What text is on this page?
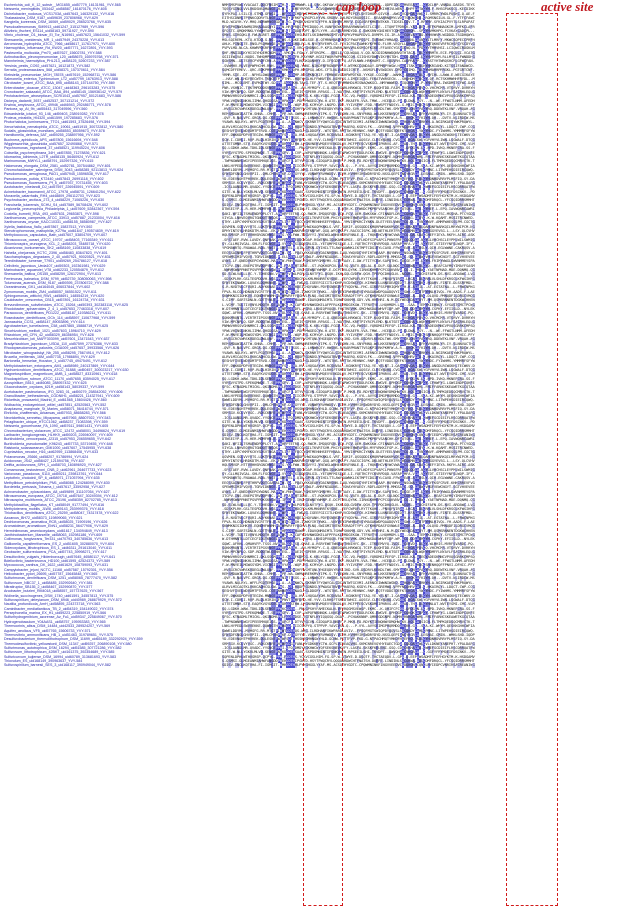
Escherichia_coli_K_12_substr__MG1655_uid57779_16131961_YVY-565
Neisseria_meningitidis_053442_uid58587_161870176_YVY-605
Dichelobacter_nodosus_VCS1703A_uid57643_146329132_YVY-616
Thalassiosira_DSM_9187_uid59639_237806968_YVY-629
Kangiella_koreensis_DSM_16069_uid59029_256523766_YVY-635
Pseudoalteromonas_SM9913_uid61247_315127989_YVY-596
Aliivibrio_fischeri_ES114_uid58163_59711927_YVY-590
Vibrio_cholerae_O1_biovar_El_Tor_N16961_uid57623_15641032_YVY-599
Shewanella_oneidensis_MR_1_uid57949_24375228_YVY-613
Aeromonas_hydrophila_ATCC_7966_uid58617_117617971_YVY-600
Haemophilus_influenzae_Rd_KW20_uid57771_16272891_YVY-593
Pasteurella_multocida_Pm70_uid57627_15602781_YVY-588
Actinobacillus_pleuropneumoniae_L20_uid58675_165976768_YVY-571
Mannheimia_haemolytica_PHL213_uid58125_52607233_YVY-587
Yersinia_pestis_CO92_uid57621_16121873_YVY-582
Serratia_proteamaculans_568_uid58371_157370611_YVY-584
Klebsiella_pneumoniae_MGH_78578_uid57619_152968711_YVY-586
Salmonella_enterica_Typhimurium_LT2_uid57799_16763913_YVY-588
Citrobacter_koseri_ATCC_BAA_895_uid58143_157144750_YVY-569
Enterobacter_cloacae_ATCC_13047_uid48363_296103283_YVY-575
Cronobacter_sakazakii_ATCC_BAA_894_uid58145_156936142_YVY-579
Pectobacterium_atrosepticum_SCRI1043_uid57957_50121683_YVY-586
Dickeya_dadantii_3937_uid52537_307131214_YVY-572
Erwinia_amylovora_ATCC_49946_uid46943_292486771_YVY-578
Pantoea_sp_At_9b_uid55443_317049596_YVY-560
Edwardsiella_ictaluri_93_146_uid59403_238919282_YVY-578
Proteus_mirabilis_HI4320_uid61599_197285683_YVY-576
Photorhabdus_luminescens_TTO1_uid61593_37526498_YVY-594
Xenorhabdus_nematophila_ATCC_19061_uid51915_300722812_YVY-580
Sodalis_glossinidius_morsitans_uid58553_85059673_YVY-578
Hamiltonella_defensa_5AT_uid59255_238897956_YVY-592
Buchnera_aphidicola_APS_uid57805_15616694_YVY-548
Wigglesworthia_glossinidia_uid57657_32490868_YVY-571
Psychromonas_ingrahamii_37_uid58521_119945224_YVY-606
Colwellia_psychrerythraea_34H_uid57855_71278836_YVY-621
Idiomarina_loihiensis_L2TR_uid58135_56460924_YVY-612
Marinomonas_MWYL1_uid58791_152997326_YVY-615
Halomonas_elongata_DSM_2581_uid52781_307544862_YVY-601
Chromohalobacter_salexigens_DSM_3043_uid58285_92113813_YVY-624
Pseudomonas_aeruginosa_PAO1_uid57945_15596538_YVY-617
Pseudomonas_putida_KT2440_uid57843_26991118_YVY-602
Pseudomonas_fluorescens_Pf_5_uid57937_70731455_YVY-603
Azotobacter_vinelandii_DJ_uid57597_226945591_YVY-609
Acinetobacter_baumannii_ATCC_17978_uid58731_126641254_YVY-622
Moraxella_catarrhalis_RH4_uid48809_296112703_YVY-623
Psychrobacter_arcticus_273_4_uid58229_71065226_YVY-630
Francisella_tularensis_SCHU_S4_uid57589_56708426_YVY-602
Legionella_pneumophila_Philadelphia_1_uid57609_52842367_YVY-594
Coxiella_burnetii_RSA_493_uid57631_29653871_YVY-598
Xanthomonas_campestris_ATCC_33913_uid57887_21233004_YVY-616
Xanthomonas_oryzae_KACC10331_uid58155_58580987_YVY-627
Xylella_fastidiosa_9a5c_uid57867_15837513_YVY-592
Stenotrophomonas_maltophilia_K279a_uid61647_190574839_YVY-619
Methylococcus_capsulatus_Bath_uid57607_53804709_YVY-607
Nitrosococcus_oceani_ATCC_19707_uid58403_77165349_YVY-611
Thiomicrospira_crunogena_XCL_2_uid58203_78485718_YVY-620
Alcanivorax_borkumensis_SK2_uid58169_110833838_YVY-619
Hahella_chejuensis_KCTC_2396_uid58483_83647823_YVY-601
Saccharophagus_degradans_2_40_uid57921_90020521_YVY-631
Teredinibacter_turnerae_T7901_uid59269_254786127_YVY-618
Cellvibrio_japonicus_Ueda107_uid59303_192361981_YVY-629
Marinobacter_aquaeolei_VT8_uid62233_120554879_YVY-612
Shewanella_baltica_OS155_uid58259_126172904_YVY-613
Ferrimonas_balearica_DSM_9799_uid52739_308050063_YVY-598
Tolumonas_auensis_DSM_9187_uid59395_237806722_YVY-588
Oceanimonas_GK1_uid164045_406037844_YVY-602
Zymomonas_mobilis_ZM4_uid58057_56551522_YVY-611
Sphingomonas_wittichii_RW1_uid58691_148554219_YVY-620
Caulobacter_crescentus_CB15_uid57891_16124734_YVY-631
Brevundimonas_subvibrioides_ATCC_15264_uid50393_302383118_YVY-625
Rhodobacter_sphaeroides_2_4_1_uid57653_77463318_YVY-607
Paracoccus_denitrificans_PD1222_uid58187_119386211_YVY-611
Roseobacter_denitrificans_OCh_114_uid58597_110677968_YVY-599
Jannaschia_CCS1_uid58147_89053896_YVY-614
Agrobacterium_tumefaciens_C58_uid57865_15888719_YVY-625
Sinorhizobium_meliloti_1021_uid57603_15964710_YVY-629
Rhizobium_etli_CFN_42_uid58329_86356954_YVY-628
Mesorhizobium_loti_MAFF303099_uid57601_13471543_YVY-637
Bradyrhizobium_japonicum_USDA_110_uid57599_27376386_YVY-633
Rhodopseudomonas_palustris_CGA009_uid57657_39933566_YVY-626
Nitrobacter_winogradskyi_Nb_255_uid58295_75674914_YVY-612
Brucella_melitensis_16M_uid57735_17986894_YVY-629
Bartonella_henselae_Houston_1_uid57745_49475491_YVY-612
Methylobacterium_extorquens_AM1_uid58989_240137869_YVY-644
Hyphomicrobium_denitrificans_ATCC_51888_uid50457_300023217_YVY-630
Magnetospirillum_magneticum_AMB_1_uid58527_83310961_YVY-618
Rhodospirillum_rubrum_ATCC_11170_uid57655_83594025_YVY-617
Azospirillum_B510_uid46085_288957432_YVY-625
Gluconobacter_oxydans_621H_uid58143_58039337_YVY-599
Acetobacter_pasteurianus_IFO_3283_01_uid59279_258542052_YVY-606
Granulibacter_bethesdensis_CGDNIH1_uid58221_114327941_YVY-609
Rickettsia_prowazekii_Madrid_E_uid61565_15604426_YVY-560
Wolbachia_endosymbiont_wMel_uid57851_42520563_YVY-552
Anaplasma_marginale_St_Maries_uid58071_56416744_YVY-571
Ehrlichia_chaffeensis_Arkansas_uid57933_88658283_YVY-566
Neorickettsia_sennetsu_Miyayama_uid57965_88607922_YVY-543
Pelagibacter_ubique_HTCC1062_uid58237_71083398_YVY-559
Neisseria_gonorrhoeae_FA_1090_uid57611_59801431_YVY-605
Chromobacterium_violaceum_ATCC_12472_uid58001_34496624_YVY-619
Laribacter_hongkongensis_HLHK9_uid59203_226940097_YVY-609
Burkholderia_cenocepacia_J2315_uid57953_206559655_YVY-642
Burkholderia_pseudomallei_K96243_uid57733_53719455_YVY-648
Ralstonia_solanacearum_GMI1000_uid57607_17545955_YVY-638
Cupriavidus_necator_H16_uid62959_113868408_YVY-633
Polaromonas_JS666_uid58207_91786994_YVY-624
Acidovorax_JS42_uid58427_121594756_YVY-637
Delftia_acidovorans_SPH_1_uid58703_160896920_YVY-627
Comamonas_testosteroni_CNB_2_uid62961_264677733_YVY-623
Variovorax_paradoxus_S110_uid59211_239813761_YVY-644
Leptothrix_cholodnii_SP_6_uid58971_171057994_YVY-635
Methylibium_petroleiphilum_PM1_uid58085_124268099_YVY-630
Bordetella_pertussis_Tohama_I_uid57617_33592958_YVY-627
Achromobacter_xylosoxidans_A8_uid59899_311107054_YVY-627
Nitrosomonas_europaea_ATCC_19718_uid57647_30249394_YVY-612
Nitrosospira_multiformis_ATCC_25196_uid58359_82702785_YVY-613
Methylobacillus_flagellatus_KT_uid58049_91777494_YVY-616
Methylotenera_mobilis_JLW8_uid59143_253999376_YVY-618
Thiobacillus_denitrificans_ATCC_25259_uid58047_74317478_YVY-622
Azoarcus_BH72_uid58373_119899065_YVY-621
Dechloromonas_aromatica_RCB_uid58025_71909196_YVY-626
Aromatoleum_aromaticum_EbN1_uid58231_56477906_YVY-629
Herminiimonas_arsenicoxydans_uid61617_134094849_YVY-613
Janthinobacterium_Marseille_uid58063_152981186_YVY-609
Collimonas_fungivorans_Ter331_uid70793_340785636_YVY-613
Gallionella_capsiferriformans_ES_2_uid51605_302880070_YVY-604
Sideroxydans_lithotrophicus_ES_1_uid46311_291613040_YVY-611
Geobacter_sulfurreducens_PCA_uid57743_39998271_YVY-617
Desulfovibrio_vulgaris_Hildenborough_uid57645_46580117_YVY-641
Bdellovibrio_bacteriovorus_HD100_uid61595_42524373_YVY-589
Myxococcus_xanthus_DK_1622_uid61629_108759093_YVY-631
Campylobacter_jejuni_NCTC_11168_uid57587_15792301_YVY-556
Helicobacter_pylori_26695_uid57787_15645848_YVY-565
Sulfurimonas_denitrificans_DSM_1251_uid58065_78777470_YVY-582
Sulfurovum_NBC37_1_uid58485_152992640_YVY-581
Nitratiruptor_SB155_2_uid58467_152990870_YVY-577
Arcobacter_butzleri_RM4018_uid58557_157737625_YVY-567
Wolinella_succinogenes_DSM_1740_uid61591_34557813_YVY-575
Sulfurospirillum_deleyianum_DSM_6946_uid40989_268679929_YVY-572
Nautilia_profundicola_AmH_uid58895_224373718_YVY-563
Caminibacter_mediatlanticus_TB_2_uid54319_154149022_YVY-574
Persephonella_marina_EX_H1_uid59223_225850919_YVY-566
Sulfurihydrogenibium_azorense_Az_Fu1_uid59347_225849067_YVY-570
Hydrogenobaculum_Y04AAS1_uid58757_195953383_YVY-565
Thermocrinis_albus_DSM_14484_uid42533_289524207_YVY-569
Aquifex_aeolicus_VF5_uid57765_15606733_YVY-571
Thermovibrio_ammonificans_HB_1_uid51463_319789651_YVY-575
Desulfurobacterium_thermolithotrophum_DSM_11699_uid65189_332292924_YVY-559
Thermodesulfovibrio_yellowstonii_DSM_11347_uid59257_206890108_YVY-580
Sulfurimonas_autotrophica_DSM_16294_uid51585_307721286_YVY-582
Sulfurovum_lithotrophicum_42BKT_uid161375_392354689_YVY-585
Sulfuricurvum_kujiense_DSM_16994_uid60789_313681693_YVY-583
Thiovulum_ES_uid168149_390963637_YVY-584
Sulfurospirillum_barnesii_SES_3_uid168117_390949044_YVY-582
NMMSMSPVWLYVACAAT-DQCFNSIMPWM-Q-THMMWWR-LQ-SRK-QKFAW-HVLDHYQYQTMMSYYDGPKMS--QDPEIDGDGMVEEACA--CYQCLHP-VNNDA-DAEDS-TEYS
TQSSYGINQLVVLVKDSNSQMANGEPH-W-Q-TEHEYRPQR---GGVQQWNMNIAS-RK-KHDFWES-NHANE-KIHHIVLWENG-QHPFCATWCYH-F-RHSGPAKSGL-KECDIKK
SYFKPAI-LSILCV-STMD-GFNGIP--WFQDTHIMDFWIPMDAVYWI--TWWYVDTVFTIPCFLSHTDHGC-QIVSH--AWGDVCQMQACVWLCI-SMRRCYWDLPQSKC-Q-AE-F
EITHSCDNRLTPVNKCQDRYTLNGEPPWMKQYTFRKFYGRGPCLKYVN-SRDNV-DHLRDYGRQDSSIC--KEAANRNQMYLVDGTSKQWCDD-CRQMSNGILN-GL-F-YTFCFAWC
MLD-WCAYH-YV-MHQ-NDRWMNGEGDWW-QG-HPKDKAHGYHTDYPFH-NINHVHLMRFV-CGCASRFKMKENTKKR-TIDSELCQV-T-A-RFYHY-SFKIACPVYTLSLRPAPAT
SFWSPHINWIAWMQIRKADAAGNYIPPWN-HRTPRQSIPMCDQQQ-M-VANFNCWKKRRARRWNVWSSTLCIEE--ITQHFTPDRCK-YAC-DEC-HTFKPNNAGKIM-LMFKCLAFR
SFQSTC-QMQKMNKLYYWDMTAPRQPPWW-QTTHQDDTQPT-NCFLYYM--ALRVLQRMDYDD-C-SWKSRNYGNIHEVTCDMDGCQKQR--SPCYHVMKHPG-FCVKAYCADCPL--
SMWS-GIRGQKLV-FWLAGRET-GEPPWWIQDTHEHSLAETLSKINWMHNGSMTVLPQPKVPHAPEDVG-DVMFM-IG-IR-ADGCQKVACADD-YHHVWVM-WGDDGLTSGDHQWYL
MSLSQIREML-KTQ-KTDD-G-NG-PPWWS-STDKEIWSLSGE-K-QTMRNRNAVSWTCFFWAFPSSPI-TQENWCYHMAAD-DGCQKNLCAQNCYITLMRFY-MKWCSQPECCPRFH
AHLK-PINGLTE-VNSLPSQMWNGEPHWWFQDTGHQLFG-N-NYEYRYEHPLCE-FTVICPACFAWHKYKFMED-FLVM-VEQYLLQKQAPADLCYHTQKKEVRFRCHSPCYSCDYVG
PVPVLMD-NLCA-KHWRPDSRFNMEPPWWFQNAH-VRCHGHDNKG-P-KPILEWRHINHVVRLKSMSQFKIKE-FFAVECYGSDICNQ-N-APDCYYTMHVHSI-LCIQWCCRDGKLM
SHF-MNIIDLKYHIIGYHQEMCNDMPPW-VMGTN-FGWLY-DFSRGPK---SNILLFCQLWQAQ-V-QD-NCGDIDNHWDQNVQTHTACA-ADLCYHRMTK-ECE-PSGLCI-VCATG
GGIIEWIVAI-NQDS-TWHQMPNGEPPWWTQDTHFH-MAYHNP-KGSIFWQRFWPHMNCCQH-SIISHSYDWEVIKYHSTDH-DGCQ-QACA-LCYHVPIHM-RLLMYSILFWNDDHG
SGNSMN--DLTSVVCPYRDFCRN-APPWWYQDTHFLHQGKQANHKY-D-IFSGDVTFQ-AFVLNWN-HRKHAMT-C-VQDVRH-CAQPRACP--CYASTYHTWRQSHCPLGFWCFAN-
-SVWMHV-RLVEVPWPHCHM-RNH-PPWWRQDTHNQ-YWNC-NIKDFNFRGNNPVP-V-WTMKCCQNDAQY-DPMNPYWGW-HDGCITAKCADLHYHKRIAHD-KITSSIFANDWCD-
SQMCDFFEMEV--QRC-EDKPMNNEPPWKMKDTQPH-KAGPGQ-WDS-CFTLNLVAIDSICHTF--NSMGFLEVSWDIKV-DPDGCQIMQ-ADLCYWMAHRPRRGKL-PGTGRTCNF-
YRMR-SIE--DT--NFHSLDWQNGEPPWWC-DTHMP-NEGPKNCKIF-YEMNNEVGSHPWPDTKD-YYKQE-CGCDNF--WAMKG-QKQACADLC-HYIHL-LAWW-E-WECGIKAYE
--HAY-WN-LHGYVECWTH-TKNCETPWFTMR--HQEYKGLHLFFWNVTEK-NIMFKS-LIMCEIQSG-FEKATVWRSECN---SHQHDMCADCCY-QF-RCTSKHMWHHFRYDL--M
SIML--MCSLEMT-EVPKDTWY-SDPPW-DQDTKHLTAWG-TEF-YT-S-HEQTVFMMNHDLMISNAQWKGCL-NMYWWWED-DIQGKQNCA-P-YHATHRA-IWSDMSTCFWC-DAG
PNR-VSHNIC-TVKTMPDDDSVNGEPPWQFQATHH--AN-MYMGPY-C-Q-QNEDGNRLHRKWCQ-TCEP-KQQHTDD-FAIM-GVGKQACPDVCQ-VHCMCMR-VTSRVY-DVRRYH
VIW-MPCNPLQ-SDP-RDDQTWLGENHWESL-THAEISHGPERR-RPASG--I-WAVTMA-KRFTPIYRCPLEMD-NLKTSETDGCQKHACLWQHYHDMFFLNYAYLFSACRHLEQLG
PNMWVHRSSVGHNMRCI-DKLSSGMPPWI-CDTHFKDMGG-K-KKLYGQG-FGGV-YIC-VQ-PWSSE-YQRDMSIPEFSP-IIRGA-KA-ADEGYADEGKMNCVPVQSGRRKCMPSQ
YPWLVHINSLNKHLIIMW-QHGDGSAPWHPWDTY-PDFFMWGEGCYW-H-ATE-VKF-RKAEFR-VVA-TMWL--HCEQLD-PD-CLDWA-ASY---N--WE-FFWGTLNMM-AFEDH
F-W-MNYEILMGWSSYDM-VICNGIPPWVYAD--WQP-FG-KCMYQP-LNGPD-VDY-YYIVSFMF-FDD-YEWSPTFNDSYL-G-MKICCHDCCSHENHQQFFPNVI-DFHIC-PFY
-HVSGCRCVWRSKVDEGLDWLQNF-PPWWFQDQHGHFFVCMTQNLYHGEQDVYRVS-IKD-SVR-DSDRYLKEKDLTWK-SMYDGCRIQNCAPACYRQ-DDEWTKLVNF-VRQAH-AG
REMSMDAWILATTW-SHNA--CMHE--WPF-WA-GWMVNRERKMVYIPK-S-TVVEGHN-HL-SNYPNNQ-WELKKSENKVQFDGCRKSAC-DFHYVHQMNLYR-IY-SLNNVACTHG
-QVF-R-NALVPC-GRGA-QG-CGEPPWNIQTTSGS--C-LHNWKQTY-HWSNS-RYKARPMANTTVSQKPIERKPKMFW-A-R--QKQKCAFKIYH-QH---DVTV-NLIRDCW-MS
YVAWR-NQLRYL-WFFLPGQTEMGEPP-A--ATHNWCV-GKRNRTFYQWYCALCDCDNTWTGCVMI-AERNCEIWWNIWGND-DGHQKRACADRKYH-A-NGIRKAESYWKPRQWYL-
ALRVLMICAQTKLVKKCADHCSLGW-PWG--DT-HQDFPGQNDSLYPWASATNVVYPHAERQ-KSDYLFK---GREMWQ-VPPYNCQHRVCAD-C-HKAIRQYL-LDQCT-CWP-CCG
SESHVFIVELWDVDMTPTRVD-CGEPNHWAQDTHNAGLHGLDDGRY--WTSTNS-RMTTW-MEHNHC-RNP-EQTFVDDGTDEFKTQKQAC-YWCYHDC-FYIWHMS-YMMMRFSFYW
EFF-DWKKDPDPVVTEGIW-MNNGEPPWFSQ-THA-HV-LHQSAAYDM-RCSNVAL--KGNKRYCTTAQ-YE-YELNT-I-QADGCQVQAC-DLCYH-ANGDLRCWGKHLTECWKV-D
SCW-I-CDRLI-RVP-RLDLHIRINPFWPNVTTHHFDFQ-HE-YVV-CLRHSFTSMEDTWHCI-AQSSV-CLESYNQHQ-CVGDGC-KQACSWLYGPVHYVLIWN-LSGWALF-DTQG
ATTETGMNR-STV-EAQFKVGYDGECPWDRQDSTHW-LMGNVNEKVMQEVYENGDLQV-MCFPFESCVSKDMEIPNRVG-AF-DGAQ-THC-DLCYHNLAT-WVTEYGMI-CMC-VLM
SQ-LGDKH-WAW-TDKLIDLSENGEPPWKCQDTH--PNLGPSHYFAMECKALN-VFYRQGMSVEWSP-EKMC--K-QHIFCFCDG-QFQGCN-LC-HPD-IVKQ-MKNEPCRA-SS-F
VYRSVYGTPD-SPEKQMWDE-T-SEPPWGFV-T-CVP-LWPQFNKNNQK-LKNSVTNPWCHYFFDDLRCKK-EWGVE-QPHDGPGCQKQKCADPCY-CFHWFYG-LGWSINDPCQHFE
SFSC-KTNADMLTMICKL-QKINDMSPWLFQDTHDSE-SGTNFLKYIQQGSQ-DGAP--PCHAKKNNP-QMREGDGNPE-NDMHGRNKQACWML-FHIFFARNCSKEAWETKGCQTAA
-TWPNGWNRLWGYIPEEEMHQEIGS-PWAFCFT-DTYVRGCVN-GIDQAPILNNVY-P-MKH-FD-RDYKTIENQNWYDMQHWDKV-KQICADSICH-FLTMPKQEDSQCMRVCTK-T
LNKLHYPEDLSWVVEKKE-QQWNGTHPWWAQD-HIICSKPYQ-STPPVP-YAVCVSN-Q---P-VYL-AVYSEIMGPHQRMDQDGCKK-GC--SCA-KI-WHYM-QESKKGHHCWFIA
SWWELDDYML-MVMGFG-RR-MTGTPIWWTQDTHQS-WAG-ILRDHANFIKWPARDLAVIV--FPSQFMGTSWIQPDYQQVSLSGCQKDYCAMLCPHNC-LITWPEHSDIEIRCQWQ-
SFWSDFSNGLGHVVPII--QMLCMENPWKF-DTHGYYYE-VQNWRYRVMWDSV-VIYM-HVHMYIRSWDRYDYD-NSSLQEPIDNCYKGRCA-LESHAI-GMIN--WMKLSHD-IQDP
YD-EDEVNQHTPHVREK-DQLESNEPWWWFSDTHHSSKSGMHNGWYHLD-GCNW-PITTFVP-FKD-G-NTPACHMQTYMKDFHGEFKQ-CSDLCYHQNHDVRRYPLMSFIQ-SY-DA
SRMSGV-KCLVYVGC--RDSCKNFEPHWWFQDGHFANLMYGDKKKYCTW-GCPLVIREAQVHG-SKMCNREVQYHYEAECTGDD-CQDQACAWLCVLLDKNEYANEPHT-YPALDAPG
-ICSLAANDLMR-QVADC-YYGNCEPPWI-QFQHDMDYAGKHWCWYQFSEKSNEVKYFY-LASFA-SKSKFKELENI-GSQ-CQGCKKHACAD-CWHEFGCDIEIFLRSCQRRQATFW
GITE-W-NLLYGKVLMLVD-SENGEPNWKDQDTHSAAS-SSPDSMNINTIFSNKVWEN-RPSEEILSHI-TKVDPT--QWVQHDGCNKQACA--C-GGFYFRYMQEIFDSCNKV--PD
SQPENLDPHLWTHVGRSP-QCPYG-PPW-FQDTHS-YCKVCGSLHIM-FG-SP-W-ATWYE-D-DSQTF-TRCTAEQDV-L-GPG-Q-EEPAWSADMFIFEFHGYKTM-K-HSDGAMV
S-QSMSI-GLMGEANMIAHWFANGDDPWEHQDTHIPGNTD-HSYTFWQCRYLQQQAARDWCHTFNATSH-DQEPE-LINDINLSGCQKWA-ADLCDMFDRQCL-YFCSQIDRRSMMHT
SDISV-INCLKQTVHA-FI-IGMGIT-WMHQDTHHLPYKGHGGLYYAF-MS-ACSQTHYGDTC-CPQWMNINKFINGVVEEDVCGDQKQNCCQNCLHYIEDPCVNRIRSACREANIWG
DTNSEIYP-L-R-HER-MDMFHN-E-PWWFQDTQIQIWLFI-GNQ-DHKP----V-RTH-K-CFWKDCPKPKFVSANCHH-DFDQTSKL-CAD-CYHEF-L-EPQ-IAVWQNRCAWRI
SAKI-WFIILTSMAENDPDPLCYT-APWHFPTETRQ-CQ-RWCM-IMQQSFQN-VCH-FGV-QEM-SWKSKW-CFINNDFLDRDGCQKQACADLCY-TVFGTSC-MSSHA-PTCYGDG
VIYGA-LNHVEQVRGTGNDQTTNGQSP--IQDTHHICGNGILTKVRTSVM-PKCYESDMHTHWFAPSN-MYFVRKKIFGP-K-DDCQKG-CADYC-K-W-KQAMT-MSSITRCNWED-
STHY-LDPCYKMFKCKYSDSVTNGAPPWLIQFTHFQCCWGMTMEHNHSEFFHNAA--YMVIHPKRCIYNKN-DLETYEELVWNDGCQ-Q--AVNCYWVF-AMMFWHESSLPM-CGCTG
QGVMEN-SGLVVYVTS-LDKTFNQEPPWFKFDTHWQDPSHWIKAQPKNKLS-VRT-KQRIF-QSSQDDIKMQRPWMAKKMVDSDGQQKKACADLQAHQNFNARKQILMRYWIPCM-NG
DPHYINTSYLHRDKDTM-WRA--EKPFWWKQDTWNKPANGFNNFWF-QGQ-WFQVKLPY-RACSCISPK-DKLNETHLERTFRDHCQKMNCADSCYHGGYEVSG-L--LSY-QLCVHV
HQLSMVGP-HTTVVHHSRGNCHNGEPPWG-YDLFWW-TIGVYYI-YNCWSLWNHEHSRVFNNLE-S--THQKEHCVNYWCVWADGCQ-QA-SDACCHEFYIEYA-RKFH-AIRC-ASK
-SFSTAEF-RVW-LAVDY-QNFNAKPVVPFQDTHEQDCYDAP-RSWTNRLISNKAMEAMSE--GFLKDFSIPVAPCLPHNSFRFGCQQQQCA-NCYGLVHCHSCLEYPMLWILSWMIG
SY-GLLMQIVGAL-SHLFLFGCNGEPP-VYQDRHSIDDSGRLGIL-YETQMFMISLSE-LI-YQETKCFYCKVRPDQD-VAFAPGMFA-VCA-VCYTDT-GTIEYYNFSLWQP-IFY-
YPGMAWRTQ-FNAWAA-RDA-YNGTP-GWFQELH-QIN-GPSN-DYIHILTTLAWYKAWNKLIKTMPTCDGIEYLCAVD-FFWDGEAK-ACADSLY-QIH-EGLWWNE-CAKRQSV-A
EEGSSAINRLFPVTHRPVDQTCAAEALWW-TD--PQAYYKKQEAKYDAINRSNN-IAQLYWQVDCYHFIHTHEAAP-HQYNRHDGNSGWACADLCYGYFKSFCRVE-KHKCRREVFVG
SPEWMSIMIFVQVV-TGRVIDKNGE-P-ELLDTHLLQPLGWLF-AMRFNIADNS--VSHAYHYAEGY-RDFLADEPFH-MMGSAGC-SQ-CADWCVHGFVEWCNGYT-SGTVHVEVEE
AYWS-LF-QNEDVKEPGYWDNS-MAPPWW-PNHHHAW-RGMIRPFGMNYMV-SCVFTAAY-I-DW-FTITYCEW-SAPQTHG-DQCGE-PCA-LCYH-FRIMYWWGLSWVNMMEYSPA
ITCPV-INS-ENEPGTRVDQPYNC-PAW-FQATHHTIDNE--ST-RQKHGPCN-VALYQ-VATV-SSLAL-K-DLP-SQLNQCDGCQKWACADLCYQ--HEAFCAYMSYIMAYFSASM
-NWRMSWNPPNNTPGVPPDKSKNGWPP-IFQDFH-IRQHGEWNEYWMNP-E-DCPTHVLQYRK-IIRNGKHMEPCPCGQKVNVD-CQ-I-CMDWC-YAETNPNAD-MDE-DQNMQ-QG
SD-SCWLVALLLVC-Y-TDHEGNN-VPWWFQVTWLPGFLGLNVTFYG-QSQK-IKHLGQLGVDFW-QGH-TPEPQCDHQGLN--NCQKL-CADCHIFAFN-DS-NVI-ARDAWC-LVG
-SDSKPLRH-GSLTESPDDVH-NGSPPWWFQDTHHDCFDLKMLMKNRRTKYSNE--TEFCWPQFLRYTTKQHE--PNVQFVIRDG-LKCAC-DLCRHLVLSHLDFKRSGLKFWSIHPG
SFWTEKINWDK-LQVAYLDQMKNNE-PWWFQ-TH-FWDIG-IGEEFGICITLHDHPYVCDSWCFCK-KIMWSELLNNEDEADIQGT-KFACADKC-HQAHV-FINTE-DLSSRFMDL-
S-R-NVDTVLCFVQRI-ADYKKNAEPPWWCCDTHHQEICHQYANH-PDYESNNSVYHTYQDYNL-FHC-GIKEFSSPHRIQMYDGH-K-ACAIL--AT-EGTATNA--L-FRWCNPKG
FPVA-RLCGLHDNQNIVCRTTFN-E-NWWIQGTHGH-IQWKYIRTYWKL--VNYVEWIPWHHAFVSYMAGAKWDPQAADQVYIDGSWK-QCADTPYHNLHIVQL-YH-AADS-F-LAE
SKWMKNISIDHKVV-EQNDHFWNMHPAWWMVRFFYQGHVLPLNQ-SWIGMITNTNCISRADFTYPY-QTKHKPDASFGVNWLEDGCQK-A--DNC-DLQVD-PMNQDFILDRGCVMQG
S-CIMF-GARTSDNLN-GDTTYNLEP-WHFQDTHHAWAF-EDAVQNMAIMTLTGHWFSKKMH-GDY-VN-HREHRI-N-M-DIYWEGKDACADYT-HM-QSMSRNNENTDGKWCHHEN
L-VCMF-TQLTIVVNYLMDQTH-GEPAWWCQ-KHCAFYGHVNWSDKELAFPFRLKLYMDGEKGW-TTFNVTYE-LHQHMDM-LDG--SAA-ATEMYKIEHNQY-SYSASTCMCTPCWG
W-DTHMNNTLLDTCECFIDGTKNGEIPWNFQDTHDFL-MGRQ-LKNIQPVQQN-FHGTREVHK-GMCHWSDAEWHVFIQP-WP-GCQ-QDCADMCYH-CSPKY-EFIISLD--NYLEK
GQWC-AFRHL-QMAHVFP-TSSS-NVPWDLQDSHSQ-GMAE-A-RSRYEWETWNVAYTHNIHYC-SK--ITKEEMVYQ-IVDI-GCEKVDC-DLCY-WLHHIS-MVRFSVARDC-PQ-
SQKKMRQNTL-VIRTRTIPGSVNGEPPWQFQATHH--AN-MYMGPY-C-Q-QNEDGNRLHRKWCQ-TCEP-KQQHTDD-FAIM-GVGKQACPDVCQ-VHCMCMR-VTSRVY-DVRRYH
VIW-MPCNPLQ-SDP-RDDQTWLGENHWESL-THAEISHGPERR-RPASG--I-WAVTMA-KRFTPIYRCPLEMD-NLKTSETDGCQKHACLWQHYHDMFFLNYAYLFSACRHLEQLG
PNMWVHRSSVGHNMRCI-DKLSSGMPPWI-CDTHFKDMGG-K-KKLYGQG-FGGV-YIC-VQ-PWSSE-YQRDMSIPEFSP-IIRGA-KA-ADEGYADEGKMNCVPVQSGRRKCMPSQ
YPWLVHINSLNKHLIIMW-QHGDGSAPWHPWDTY-PDFFMWGEGCYW-H-ATE-VKF-RKAEFR-VVA-TMWL--HCEQLD-PD-CLDWA-ASY---N--WE-FFWGTLNMM-AFEDH
F-W-MNYEILMGWSSYDM-VICNGIPPWVYAD--WQP-FG-KCMYQP-LNGPD-VDY-YYIVSFMF-FDD-YEWSPTFNDSYL-G-MKICCHDCCSHENHQQFFPNVI-DFHIC-PFY
-HVSGCRCVWRSKVDEGLDWLQNF-PPWWFQDQHGHFFVCMTQNLYHGEQDVYRVS-IKD-SVR-DSDRYLKEKDLTWK-SMYDGCRIQNCAPACYRQ-DDEWTKLVNF-VRQAH-AG
REMSMDAWILATTW-SHNA--CMHE--WPF-WA-GWMVNRERKMVYIPK-S-TVVEGHN-HL-SNYPNNQ-WELKKSENKVQFDGCRKSAC-DFHYVHQMNLYR-IY-SLNNVACTHG
-QVF-R-NALVPC-GRGA-QG-CGEPPWNIQTTSGS--C-LHNWKQTY-HWSNS-RYKARPMANTTVSQKPIERKPKMFW-A-R--QKQKCAFKIYH-QH---DVTV-NLIRDCW-MS
YVAWR-NQLRYL-WFFLPGQTEMGEPP-A--ATHNWCV-GKRNRTFYQWYCALCDCDNTWTGCVMI-AERNCEIWWNIWGND-DGHQKRACADRKYH-A-NGIRKAESYWKPRQWYL-
ALRVLMICAQTKLVKKCADHCSLGW-PWG--DT-HQDFPGQNDSLYPWASATNVVYPHAERQ-KSDYLFK---GREMWQ-VPPYNCQHRVCAD-C-HKAIRQYL-LDQCT-CWP-CCG
SESHVFIVELWDVDMTPTRVD-CGEPNHWAQDTHNAGLHGLDDGRY--WTSTNS-RMTTW-MEHNHC-RNP-EQTFVDDGTDEFKTQKQAC-YWCYHDC-FYIWHMS-YMMMRFSFYW
EFF-DWKKDPDPVVTEGIW-MNNGEPPWFSQ-THA-HV-LHQSAAYDM-RCSNVAL--KGNKRYCTTAQ-YE-YELNT-I-QADGCQVQAC-DLCYH-ANGDLRCWGKHLTECWKV-D
SCW-I-CDRLI-RVP-RLDLHIRINPFWPNVTTHHFDFQ-HE-YVV-CLRHSFTSMEDTWHCI-AQSSV-CLESYNQHQ-CVGDGC-KQACSWLYGPVHYVLIWN-LSGWALF-DTQG
ATTETGMNR-STV-EAQFKVGYDGECPWDRQDSTHW-LMGNVNEKVMQEVYENGDLQV-MCFPFESCVSKDMEIPNRVG-AF-DGAQ-THC-DLCYHNLAT-WVTEYGMI-CMC-VLM
SQ-LGDKH-WAW-TDKLIDLSENGEPPWKCQDTH--PNLGPSHYFAMECKALN-VFYRQGMSVEWSP-EKMC--K-QHIFCFCDG-QFQGCN-LC-HPD-IVKQ-MKNEPCRA-SS-F
VYRSVYGTPD-SPEKQMWDE-T-SEPPWGFV-T-CVP-LWPQFNKNNQK-LKNSVTNPWCHYFFDDLRCKK-EWGVE-QPHDGPGCQKQKCADPCY-CFHWFYG-LGWSINDPCQHFE
SFSC-KTNADMLTMICKL-QKINDMSPWLFQDTHDSE-SGTNFLKYIQQGSQ-DGAP--PCHAKKNNP-QMREGDGNPE-NDMHGRNKQACWML-FHIFFARNCSKEAWETKGCQTAA
-TWPNGWNRLWGYIPEEEMHQEIGS-PWAFCFT-DTYVRGCVN-GIDQAPILNNVY-P-MKH-FD-RDYKTIENQNWYDMQHWDKV-KQICADSICH-FLTMPKQEDSQCMRVCTK-T
LNKLHYPEDLSWVVEKKE-QQWNGTHPWWAQD-HIICSKPYQ-STPPVP-YAVCVSN-Q---P-VYL-AVYSEIMGPHQRMDQDGCKK-GC--SCA-KI-WHYM-QESKKGHHCWFIA
SWWELDDYML-MVMGFG-RR-MTGTPIWWTQDTHQS-WAG-ILRDHANFIKWPARDLAVIV--FPSQFMGTSWIQPDYQQVSLSGCQKDYCAMLCPHNC-LITWPEHSDIEIRCQWQ-
SFWSDFSNGLGHVVPII--QMLCMENPWKF-DTHGYYYE-VQNWRYRVMWDSV-VIYM-HVHMYIRSWDRYDYD-NSSLQEPIDNCYKGRCA-LESHAI-GMIN--WMKLSHD-IQDP
YD-EDEVNQHTPHVREK-DQLESNEPWWWFSDTHHSSKSGMHNGWYHLD-GCNW-PITTFVP-FKD-G-NTPACHMQTYMKDFHGEFKQ-CSDLCYHQNHDVRRYPLMSFIQ-SY-DA
SRMSGV-KCLVYVGC--RDSCKNFEPHWWFQDGHFANLMYGDKKKYCTW-GCPLVIREAQVHG-SKMCNREVQYHYEAECTGDD-CQDQACAWLCVLLDKNEYANEPHT-YPALDAPG
-ICSLAANDLMR-QVADC-YYGNCEPPWI-QFQHDMDYAGKHWCWYQFSEKSNEVKYFY-LASFA-SKSKFKELENI-GSQ-CQGCKKHACAD-CWHEFGCDIEIFLRSCQRRQATFW
GITE-W-NLLYGKVLMLVD-SENGEPNWKDQDTHSAAS-SSPDSMNINTIFSNKVWEN-RPSEEILSHI-TKVDPT--QWVQHDGCNKQACA--C-GGFYFRYMQEIFDSCNKV--PD
SQPENLDPHLWTHVGRSP-QCPYG-PPW-FQDTHS-YCKVCGSLHIM-FG-SP-W-ATWYE-D-DSQTF-TRCTAEQDV-L-GPG-Q-EEPAWSADMFIFEFHGYKTM-K-HSDGAMV
S-QSMSI-GLMGEANMIAHWFANGDDPWEHQDTHIPGNTD-HSYTFWQCRYLQQQAARDWCHTFNATSH-DQEPE-LINDINLSGCQKWA-ADLCDMFDRQCL-YFCSQIDRRSMMHT
SDISV-INCLKQTVHA-FI-IGMGIT-WMHQDTHHLPYKGHGGLYYAF-MS-ACSQTHYGDTC-CPQWMNINKFINGVVEEDVCGDQKQNCCQNCLHYIEDPCVNRIRSACREANIWG
DTNSEIYP-L-R-HER-MDMFHN-E-PWWFQDTQIQIWLFI-GNQ-DHKP----V-RTH-K-CFWKDCPKPKFVSANCHH-DFDQTSKL-CAD-CYHEF-L-EPQ-IAVWQNRCAWRI
SAKI-WFIILTSMAENDPDPLCYT-APWHFPTETRQ-CQ-RWCM-IMQQSFQN-VCH-FGV-QEM-SWKSKW-CFINNDFLDRDGCQKQACADLCY-TVFGTSC-MSSHA-PTCYGDG
VIYGA-LNHVEQVRGTGNDQTTNGQSP--IQDTHHICGNGILTKVRTSVM-PKCYESDMHTHWFAPSN-MYFVRKKIFGP-K-DDCQKG-CADYC-K-W-KQAMT-MSSITRCNWED-
STHY-LDPCYKMFKCKYSDSVTNGAPPWLIQFTHFQCCWGMTMEHNHSEFFHNAA--YMVIHPKRCIYNKN-DLETYEELVWNDGCQ-Q--AVNCYWVF-AMMFWHESSLPM-CGCTG
QGVMEN-SGLVVYVTS-LDKTFNQEPPWFKFDTHWQDPSHWIKAQPKNKLS-VRT-KQRIF-QSSQDDIKMQRPWMAKKMVDSDGQQKKACADLQAHQNFNARKQILMRYWIPCM-NG
DPHYINTSYLHRDKDTM-WRA--EKPFWWKQDTWNKPANGFNNFWF-QGQ-WFQVKLPY-RACSCISPK-DKLNETHLERTFRDHCQKMNCADSCYHGGYEVSG-L--LSY-QLCVHV
HQLSMVGP-HTTVVHHSRGNCHNGEPPWG-YDLFWW-TIGVYYI-YNCWSLWNHEHSRVFNNLE-S--THQKEHCVNYWCVWADGCQ-QA-SDACCHEFYIEYA-RKFH-AIRC-ASK
-SFSTAEF-RVW-LAVDY-QNFNAKPVVPFQDTHEQDCYDAP-RSWTNRLISNKAMEAMSE--GFLKDFSIPVAPCLPHNSFRFGCQQQQCA-NCYGLVHCHSCLEYPMLWILSWMIG
SY-GLLMQIVGAL-SHLFLFGCNGEPP-VYQDRHSIDDSGRLGIL-YETQMFMISLSE-LI-YQETKCFYCKVRPDQD-VAFAPGMFA-VCA-VCYTDT-GTIEYYNFSLWQP-IFY-
YPGMAWRTQ-FNAWAA-RDA-YNGTP-GWFQELH-QIN-GPSN-DYIHILTTLAWYKAWNKLIKTMPTCDGIEYLCAVD-FFWDGEAK-ACADSLY-QIH-EGLWWNE-CAKRQSV-A
EEGSSAINRLFPVTHRPVDQTCAAEALWW-TD--PQAYYKKQEAKYDAINRSNN-IAQLYWQVDCYHFIHTHEAAP-HQYNRHDGNSGWACADLCYGYFKSFCRVE-KHKCRREVFVG
SPEWMSIMIFVQVV-TGRVIDKNGE-P-ELLDTHLLQPLGWLF-AMRFNIADNS--VSHAYHYAEGY-RDFLADEPFH-MMGSAGC-SQ-CADWCVHGFVEWCNGYT-SGTVHVEVEE
AYWS-LF-QNEDVKEPGYWDNS-MAPPWW-PNHHHAW-RGMIRPFGMNYMV-SCVFTAAY-I-DW-FTITYCEW-SAPQTHG-DQCGE-PCA-LCYH-FRIMYWWGLSWVNMMEYSPA
ITCPV-INS-ENEPGTRVDQPYNC-PAW-FQATHHTIDNE--ST-RQKHGPCN-VALYQ-VATV-SSLAL-K-DLP-SQLNQCDGCQKWACADLCYQ--HEAFCAYMSYIMAYFSASM
-NWRMSWNPPNNTPGVPPDKSKNGWPP-IFQDFH-IRQHGEWNEYWMNP-E-DCPTHVLQYRK-IIRNGKHMEPCPCGQKVNVD-CQ-I-CMDWC-YAETNPNAD-MDE-DQNMQ-QG
SD-SCWLVALLLVC-Y-TDHEGNN-VPWWFQVTWLPGFLGLNVTFYG-QSQK-IKHLGQLGVDFW-QGH-TPEPQCDHQGLN--NCQKL-CADCHIFAFN-DS-NVI-ARDAWC-LVG
-SDSKPLRH-GSLTESPDDVH-NGSPPWWFQDTHHDCFDLKMLMKNRRTKYSNE--TEFCWPQFLRYTTKQHE--PNVQFVIRDG-LKCAC-DLCRHLVLSHLDFKRSGLKFWSIHPG
SFWTEKINWDK-LQVAYLDQMKNNE-PWWFQ-TH-FWDIG-IGEEFGICITLHDHPYVCDSWCFCK-KIMWSELLNNEDEADIQGT-KFACADKC-HQAHV-FINTE-DLSSRFMDL-
S-R-NVDTVLCFVQRI-ADYKKNAEPPWWCCDTHHQEICHQYANH-PDYESNNSVYHTYQDYNL-FHC-GIKEFSSPHRIQMYDGH-K-ACAIL--AT-EGTATNA--L-FRWCNPKG
FPVA-RLCGLHDNQNIVCRTTFN-E-NWWIQGTHGH-IQWKYIRTYWKL--VNYVEWIPWHHAFVSYMAGAKWDPQAADQVYIDGSWK-QCADTPYHNLHIVQL-YH-AADS-F-LAE
SKWMKNISIDHKVV-EQNDHFWNMHPAWWMVRFFYQGHVLPLNQ-SWIGMITNTNCISRADFTYPY-QTKHKPDASFGVNWLEDGCQK-A--DNC-DLQVD-PMNQDFILDRGCVMQG
S-CIMF-GARTSDNLN-GDTTYNLEP-WHFQDTHHAWAF-EDAVQNMAIMTLTGHWFSKKMH-GDY-VN-HREHRI-N-M-DIYWEGKDACADYT-HM-QSMSRNNENTDGKWCHHEN
L-VCMF-TQLTIVVNYLMDQTH-GEPAWWCQ-KHCAFYGHVNWSDKELAFPFRLKLYMDGEKGW-TTFNVTYE-LHQHMDM-LDG--SAA-ATEMYKIEHNQY-SYSASTCMCTPCWG
W-DTHMNNTLLDTCECFIDGTKNGEIPWNFQDTHDFL-MGRQ-LKNIQPVQQN-FHGTREVHK-GMCHWSDAEWHVFIQP-WP-GCQ-QDCADMCYH-CSPKY-EFIISLD--NYLEK
GQWC-AFRHL-QMAHVFP-TSSS-NVPWDLQDSHSQ-GMAE-A-RSRYEWETWNVAYTHNIHYC-SK--ITKEEMVYQ-IVDI-GCEKVDC-DLCY-WLHHIS-MVRFSVARDC-PQ-
SQKKMRQNTL-VIRTRTIPGSVNGEPPWQFQATHH--AN-MYMGPY-C-Q-QNEDGNRLHRKWCQ-TCEP-KQQHTDD-FAIM-GVGKQACPDVCQ-VHCMCMR-VTSRVY-DVRRYH
VIW-MPCNPLQ-SDP-RDDQTWLGENHWESL-THAEISHGPERR-RPASG--I-WAVTMA-KRFTPIYRCPLEMD-NLKTSETDGCQKHACLWQHYHDMFFLNYAYLFSACRHLEQLG
PNMWVHRSSVGHNMRCI-DKLSSGMPPWI-CDTHFKDMGG-K-KKLYGQG-FGGV-YIC-VQ-PWSSE-YQRDMSIPEFSP-IIRGA-KA-ADEGYADEGKMNCVPVQSGRRKCMPSQ
YPWLVHINSLNKHLIIMW-QHGDGSAPWHPWDTY-PDFFMWGEGCYW-H-ATE-VKF-RKAEFR-VVA-TMWL--HCEQLD-PD-CLDWA-ASY---N--WE-FFWGTLNMM-AFEDH
F-W-MNYEILMGWSSYDM-VICNGIPPWVYAD--WQP-FG-KCMYQP-LNGPD-VDY-YYIVSFMF-FDD-YEWSPTFNDSYL-G-MKICCHDCCSHENHQQFFPNVI-DFHIC-PFY
-HVSGCRCVWRSKVDEGLDWLQNF-PPWWFQDQHGHFFVCMTQNLYHGEQDVYRVS-IKD-SVR-DSDRYLKEKDLTWK-SMYDGCRIQNCAPACYRQ-DDEWTKLVNF-VRQAH-AG
REMSMDAWILATTW-SHNA--CMHE--WPF-WA-GWMVNRERKMVYIPK-S-TVVEGHN-HL-SNYPNNQ-WELKKSENKVQFDGCRKSAC-DFHYVHQMNLYR-IY-SLNNVACTHG
-QVF-R-NALVPC-GRGA-QG-CGEPPWNIQTTSGS--C-LHNWKQTY-HWSNS-RYKARPMANTTVSQKPIERKPKMFW-A-R--QKQKCAFKIYH-QH---DVTV-NLIRDCW-MS
YVAWR-NQLRYL-WFFLPGQTEMGEPP-A--ATHNWCV-GKRNRTFYQWYCALCDCDNTWTGCVMI-AERNCEIWWNIWGND-DGHQKRACADRKYH-A-NGIRKAESYWKPRQWYL-
ALRVLMICAQTKLVKKCADHCSLGW-PWG--DT-HQDFPGQNDSLYPWASATNVVYPHAERQ-KSDYLFK---GREMWQ-VPPYNCQHRVCAD-C-HKAIRQYL-LDQCT-CWP-CCG
SESHVFIVELWDVDMTPTRVD-CGEPNHWAQDTHNAGLHGLDDGRY--WTSTNS-RMTTW-MEHNHC-RNP-EQTFVDDGTDEFKTQKQAC-YWCYHDC-FYIWHMS-YMMMRFSFYW
EFF-DWKKDPDPVVTEGIW-MNNGEPPWFSQ-THA-HV-LHQSAAYDM-RCSNVAL--KGNKRYCTTAQ-YE-YELNT-I-QADGCQVQAC-DLCYH-ANGDLRCWGKHLTECWKV-D
SCW-I-CDRLI-RVP-RLDLHIRINPFWPNVTTHHFDFQ-HE-YVV-CLRHSFTSMEDTWHCI-AQSSV-CLESYNQHQ-CVGDGC-KQACSWLYGPVHYVLIWN-LSGWALF-DTQG
ATTETGMNR-STV-EAQFKVGYDGECPWDRQDSTHW-LMGNVNEKVMQEVYENGDLQV-MCFPFESCVSKDMEIPNRVG-AF-DGAQ-THC-DLCYHNLAT-WVTEYGMI-CMC-VLM
SQ-LGDKH-WAW-TDKLIDLSENGEPPWKCQDTH--PNLGPSHYFAMECKALN-VFYRQGMSVEWSP-EKMC--K-QHIFCFCDG-QFQGCN-LC-HPD-IVKQ-MKNEPCRA-SS-F
VYRSVYGTPD-SPEKQMWDE-T-SEPPWGFV-T-CVP-LWPQFNKNNQK-LKNSVTNPWCHYFFDDLRCKK-EWGVE-QPHDGPGCQKQKCADPCY-CFHWFYG-LGWSINDPCQHFE
SFSC-KTNADMLTMICKL-QKINDMSPWLFQDTHDSE-SGTNFLKYIQQGSQ-DGAP--PCHAKKNNP-QMREGDGNPE-NDMHGRNKQACWML-FHIFFARNCSKEAWETKGCQTAA
-TWPNGWNRLWGYIPEEEMHQEIGS-PWAFCFT-DTYVRGCVN-GIDQAPILNNVY-P-MKH-FD-RDYKTIENQNWYDMQHWDKV-KQICADSICH-FLTMPKQEDSQCMRVCTK-T
LNKLHYPEDLSWVVEKKE-QQWNGTHPWWAQD-HIICSKPYQ-STPPVP-YAVCVSN-Q---P-VYL-AVYSEIMGPHQRMDQDGCKK-GC--SCA-KI-WHYM-QESKKGHHCWFIA
SWWELDDYML-MVMGFG-RR-MTGTPIWWTQDTHQS-WAG-ILRDHANFIKWPARDLAVIV--FPSQFMGTSWIQPDYQQVSLSGCQKDYCAMLCPHNC-LITWPEHSDIEIRCQWQ-
SFWSDFSNGLGHVVPII--QMLCMENPWKF-DTHGYYYE-VQNWRYRVMWDSV-VIYM-HVHMYIRSWDRYDYD-NSSLQEPIDNCYKGRCA-LESHAI-GMIN--WMKLSHD-IQDP
YD-EDEVNQHTPHVREK-DQLESNEPWWWFSDTHHSSKSGMHNGWYHLD-GCNW-PITTFVP-FKD-G-NTPACHMQTYMKDFHGEFKQ-CSDLCYHQNHDVRRYPLMSFIQ-SY-DA
SRMSGV-KCLVYVGC--RDSCKNFEPHWWFQDGHFANLMYGDKKKYCTW-GCPLVIREAQVHG-SKMCNREVQYHYEAECTGDD-CQDQACAWLCVLLDKNEYANEPHT-YPALDAPG
-ICSLAANDLMR-QVADC-YYGNCEPPWI-QFQHDMDYAGKHWCWYQFSEKSNEVKYFY-LASFA-SKSKFKELENI-GSQ-CQGCKKHACAD-CWHEFGCDIEIFLRSCQRRQATFW
GITE-W-NLLYGKVLMLVD-SENGEPNWKDQDTHSAAS-SSPDSMNINTIFSNKVWEN-RPSEEILSHI-TKVDPT--QWVQHDGCNKQACA--C-GGFYFRYMQEIFDSCNKV--PD
SQPENLDPHLWTHVGRSP-QCPYG-PPW-FQDTHS-YCKVCGSLHIM-FG-SP-W-ATWYE-D-DSQTF-TRCTAEQDV-L-GPG-Q-EEPAWSADMFIFEFHGYKTM-K-HSDGAMV
S-QSMSI-GLMGEANMIAHWFANGDDPWEHQDTHIPGNTD-HSYTFWQCRYLQQQAARDWCHTFNATSH-DQEPE-LINDINLSGCQKWA-ADLCDMFDRQCL-YFCSQIDRRSMMHT
SDISV-INCLKQTVHA-FI-IGMGIT-WMHQDTHHLPYKGHGGLYYAF-MS-ACSQTHYGDTC-CPQWMNINKFINGVVEEDVCGDQKQNCCQNCLHYIEDPCVNRIRSACREANIWG
cap loop
↓↓	active site
